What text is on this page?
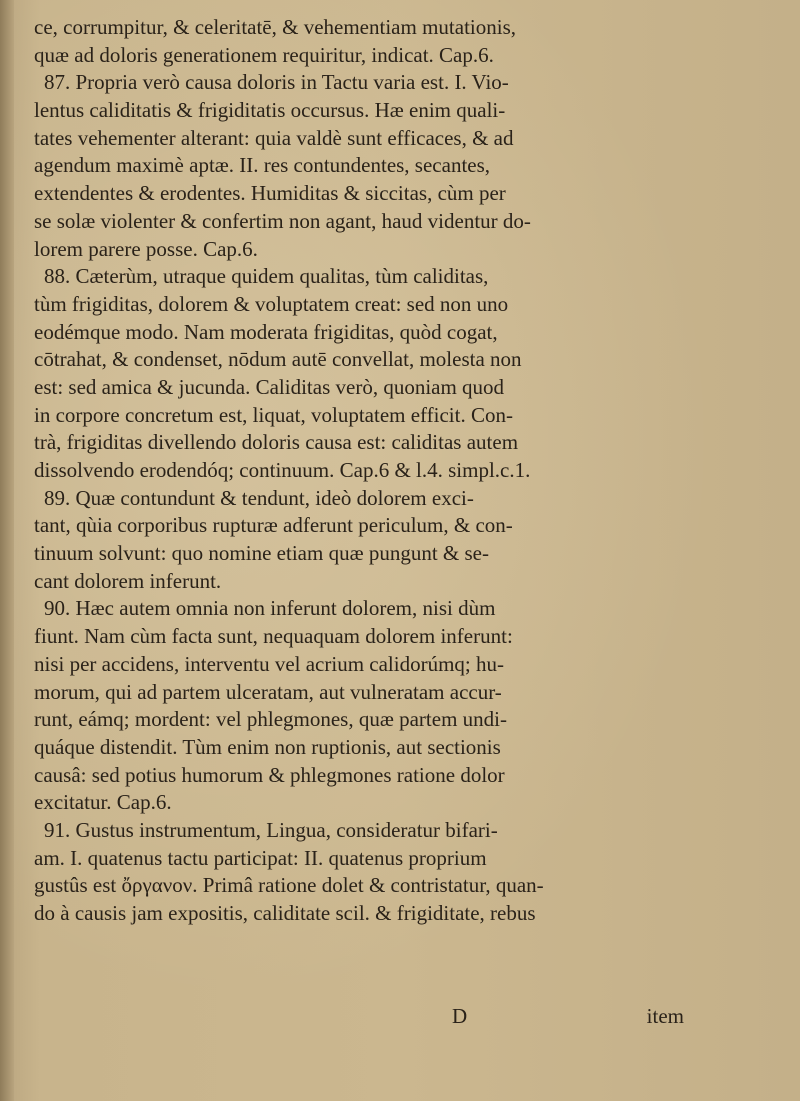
ce, corrumpitur, & celeritatē, & vehementiam mutationis,
quæ ad doloris generationem requiritur, indicat. Cap.6.
87. Propria verò causa doloris in Tactu varia est. I. Vio-
lentus caliditatis & frigiditatis occursus. Hæ enim quali-
tates vehementer alterant: quia valdè sunt efficaces, & ad
agendum maximè aptæ. II. res contundentes, secantes,
extendentes & erodentes. Humiditas & siccitas, cùm per
se solæ violenter & confertim non agant, haud videntur do-
lorem parere posse. Cap.6.
88. Cæterùm, utraque quidem qualitas, tùm caliditas,
tùm frigiditas, dolorem & voluptatem creat: sed non uno
eodémque modo. Nam moderata frigiditas, quòd cogat,
cōtrahat, & condenset, nōdum autē convellat, molesta non
est: sed amica & jucunda. Caliditas verò, quoniam quod
in corpore concretum est, liquat, voluptatem efficit. Con-
trà, frigiditas divellendo doloris causa est: caliditas autem
dissolvendo erodendóq; continuum. Cap.6 & l.4. simpl.c.1.
89. Quæ contundunt & tendunt, ideò dolorem exci-
tant, qùia corporibus rupturæ adferunt periculum, & con-
tinuum solvunt: quo nomine etiam quæ pungunt & se-
cant dolorem inferunt.
90. Hæc autem omnia non inferunt dolorem, nisi dùm
fiunt. Nam cùm facta sunt, nequaquam dolorem inferunt:
nisi per accidens, interventu vel acrium calidorúmq; hu-
morum, qui ad partem ulceratam, aut vulneratam accur-
runt, eámq; mordent: vel phlegmones, quæ partem undi-
quáque distendit. Tùm enim non ruptionis, aut sectionis
causâ: sed potius humorum & phlegmones ratione dolor
excitatur. Cap.6.
91. Gustus instrumentum, Lingua, consideratur bifari-
am. I. quatenus tactu participat: II. quatenus proprium
gustûs est ὄργανον. Primâ ratione dolet & contristatur, quan-
do à causis jam expositis, caliditate scil. & frigiditate, rebus
D	item
